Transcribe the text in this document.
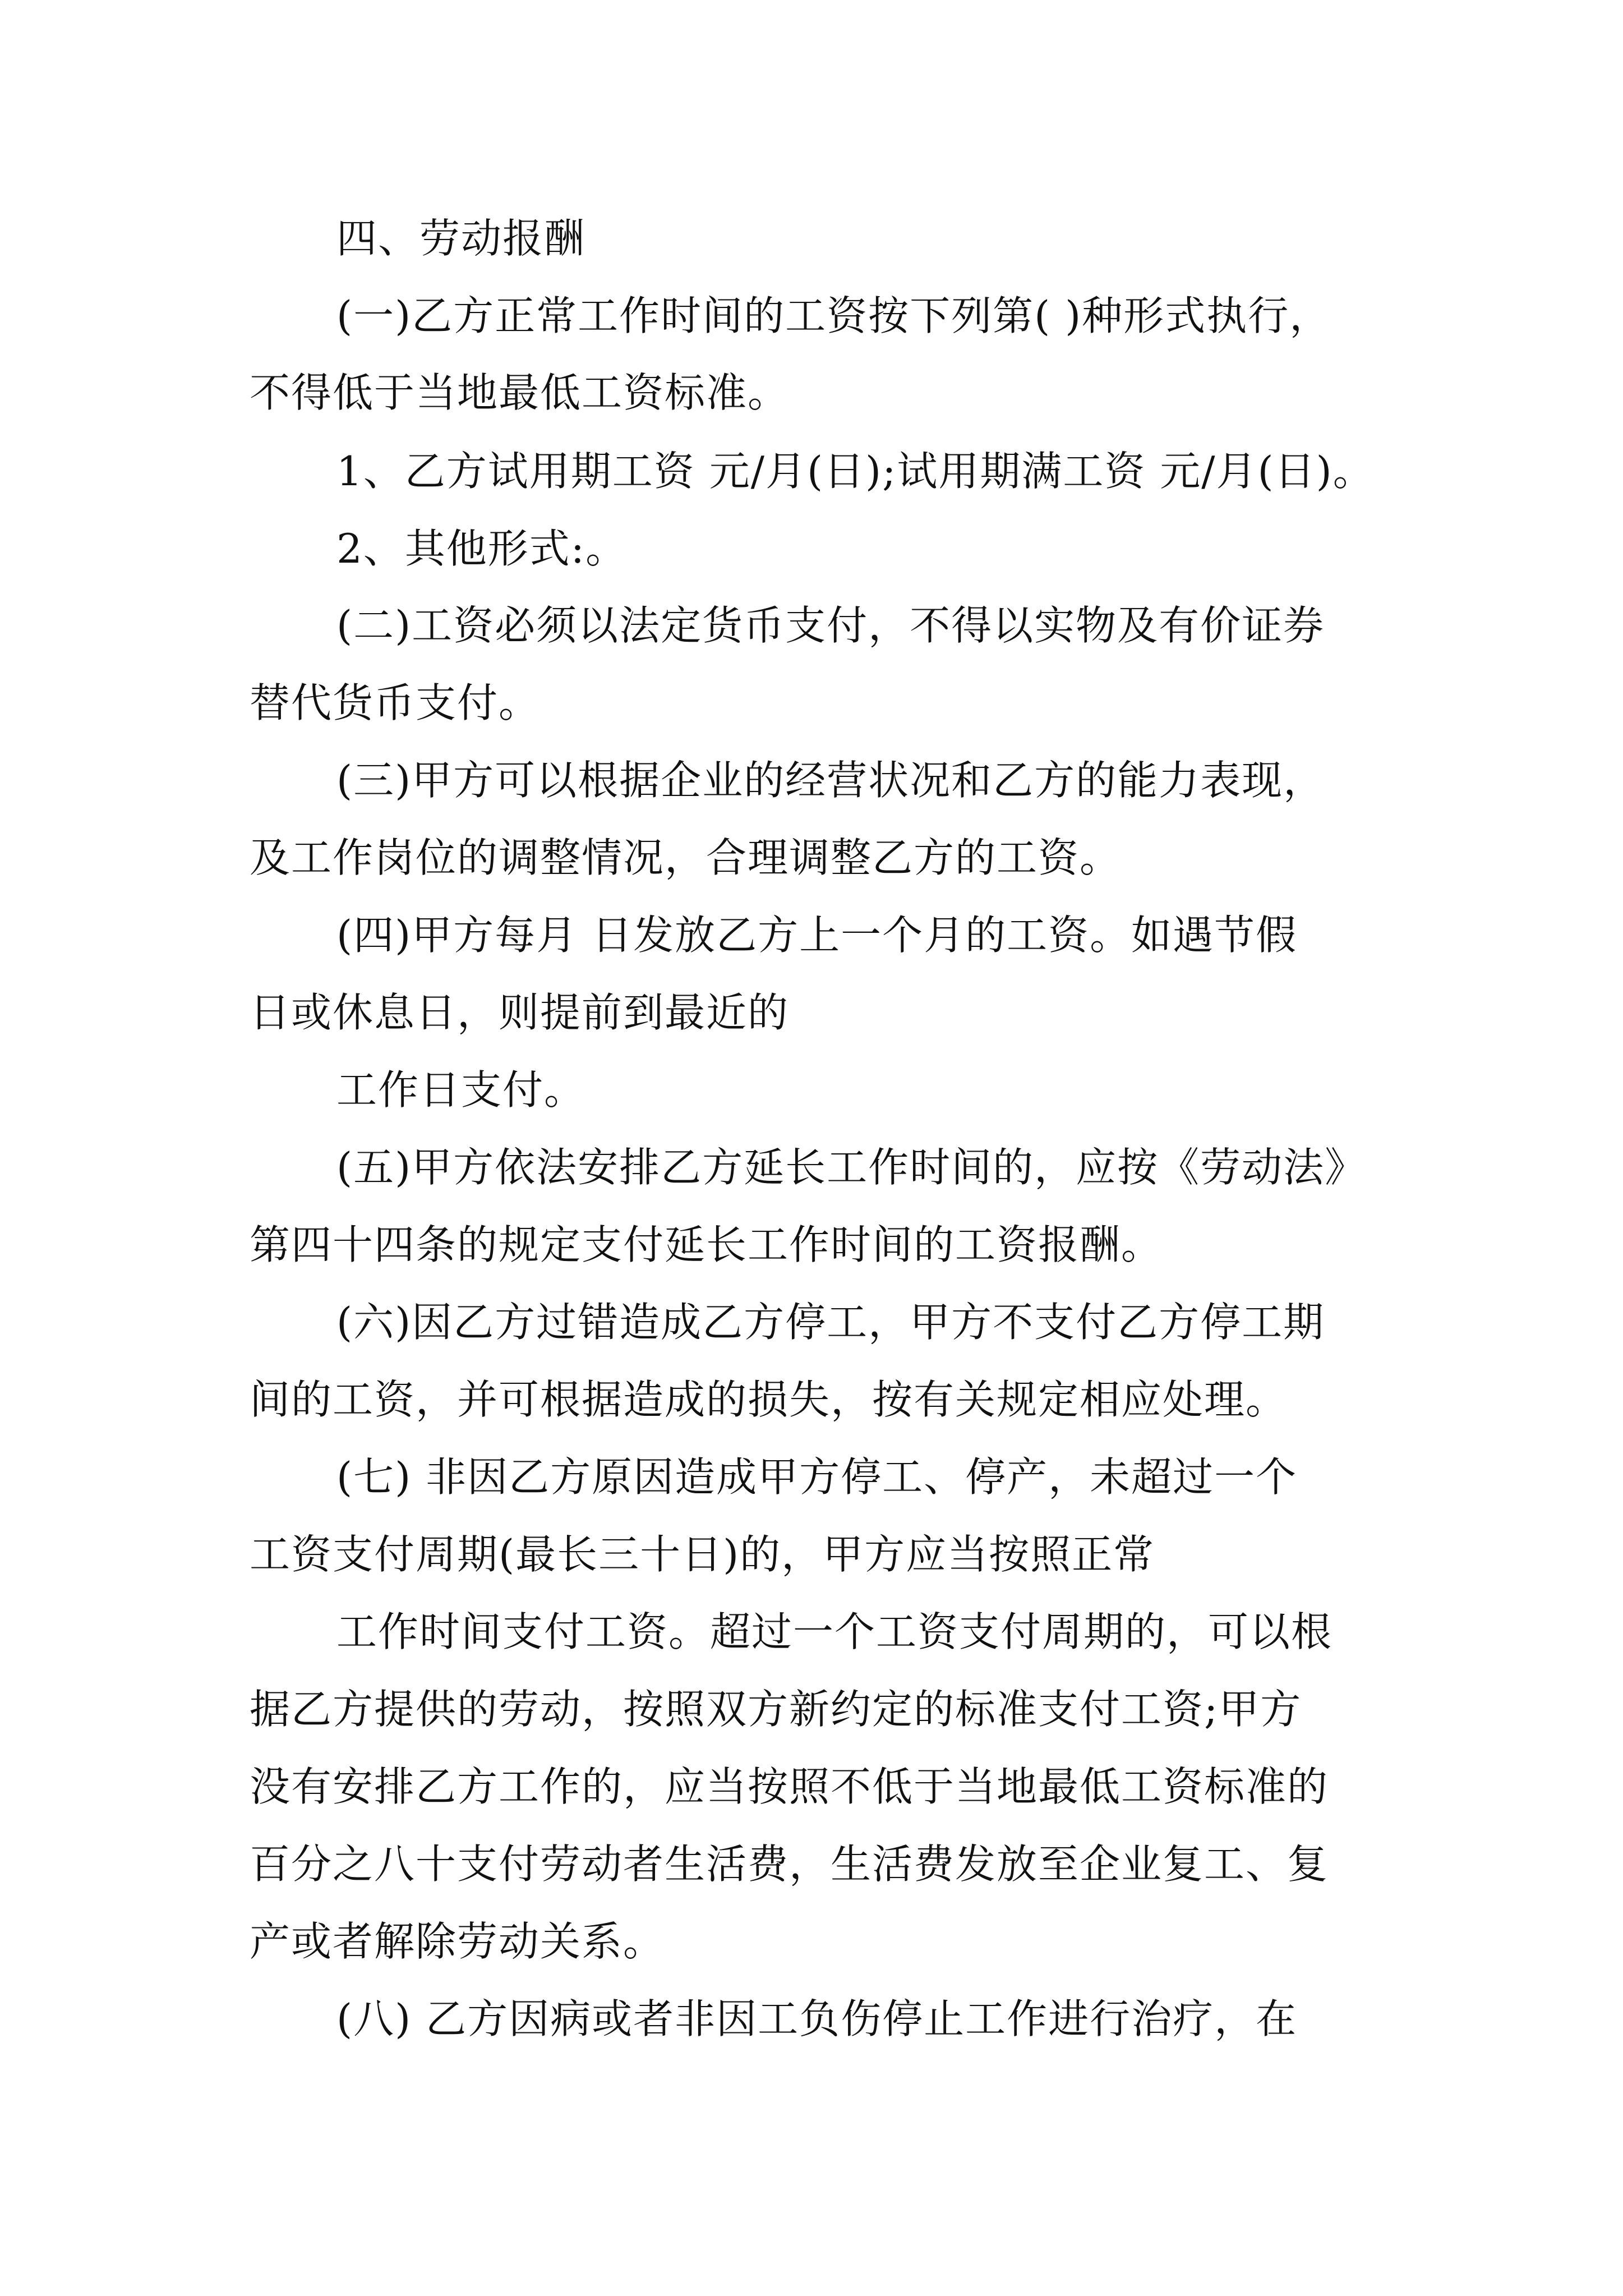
四、劳动报酬
(一)乙方正常工作时间的工资按下列第( )种形式执行，
不得低于当地最低工资标准。
1、乙方试用期工资 元/月(日);试用期满工资 元/月(日)。
2、其他形式:。
(二)工资必须以法定货币支付，不得以实物及有价证券
替代货币支付。
(三)甲方可以根据企业的经营状况和乙方的能力表现，
及工作岗位的调整情况，合理调整乙方的工资。
(四)甲方每月 日发放乙方上一个月的工资。如遇节假
日或休息日，则提前到最近的
工作日支付。
(五)甲方依法安排乙方延长工作时间的，应按《劳动法》
第四十四条的规定支付延长工作时间的工资报酬。
(六)因乙方过错造成乙方停工，甲方不支付乙方停工期
间的工资，并可根据造成的损失，按有关规定相应处理。
(七) 非因乙方原因造成甲方停工、停产，未超过一个
工资支付周期(最长三十日)的，甲方应当按照正常
工作时间支付工资。超过一个工资支付周期的，可以根
据乙方提供的劳动，按照双方新约定的标准支付工资;甲方
没有安排乙方工作的，应当按照不低于当地最低工资标准的
百分之八十支付劳动者生活费，生活费发放至企业复工、复
产或者解除劳动关系。
(八) 乙方因病或者非因工负伤停止工作进行治疗，在
